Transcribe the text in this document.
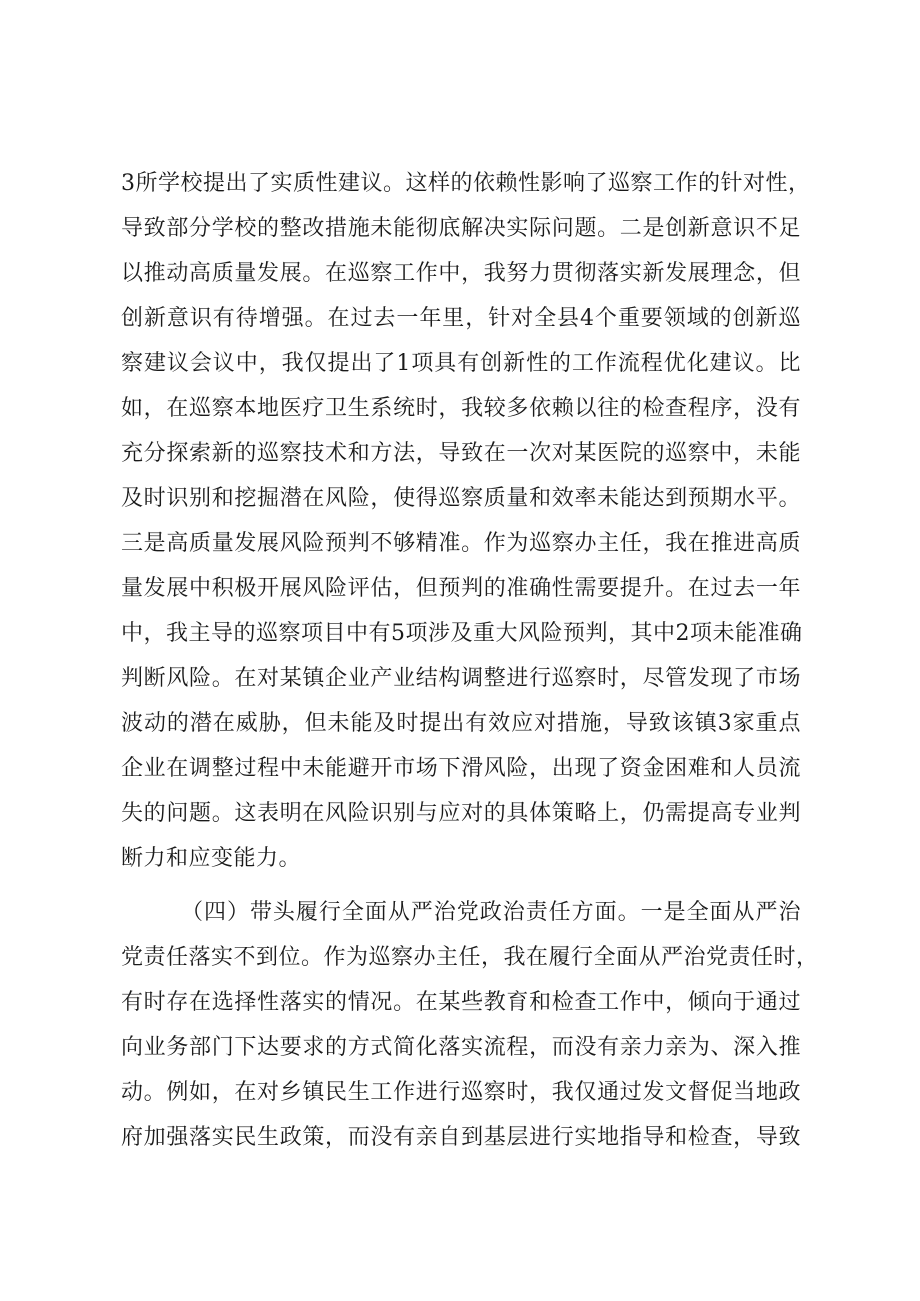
3所学校提出了实质性建议。这样的依赖性影响了巡察工作的针对性，
导致部分学校的整改措施未能彻底解决实际问题。二是创新意识不足
以推动高质量发展。在巡察工作中，我努力贯彻落实新发展理念，但
创新意识有待增强。在过去一年里，针对全县4个重要领域的创新巡
察建议会议中，我仅提出了1项具有创新性的工作流程优化建议。比
如，在巡察本地医疗卫生系统时，我较多依赖以往的检查程序，没有
充分探索新的巡察技术和方法，导致在一次对某医院的巡察中，未能
及时识别和挖掘潜在风险，使得巡察质量和效率未能达到预期水平。
三是高质量发展风险预判不够精准。作为巡察办主任，我在推进高质
量发展中积极开展风险评估，但预判的准确性需要提升。在过去一年
中，我主导的巡察项目中有5项涉及重大风险预判，其中2项未能准确
判断风险。在对某镇企业产业结构调整进行巡察时，尽管发现了市场
波动的潜在威胁，但未能及时提出有效应对措施，导致该镇3家重点
企业在调整过程中未能避开市场下滑风险，出现了资金困难和人员流
失的问题。这表明在风险识别与应对的具体策略上，仍需提高专业判
断力和应变能力。
（四）带头履行全面从严治党政治责任方面。一是全面从严治
党责任落实不到位。作为巡察办主任，我在履行全面从严治党责任时，
有时存在选择性落实的情况。在某些教育和检查工作中，倾向于通过
向业务部门下达要求的方式简化落实流程，而没有亲力亲为、深入推
动。例如，在对乡镇民生工作进行巡察时，我仅通过发文督促当地政
府加强落实民生政策，而没有亲自到基层进行实地指导和检查，导致
